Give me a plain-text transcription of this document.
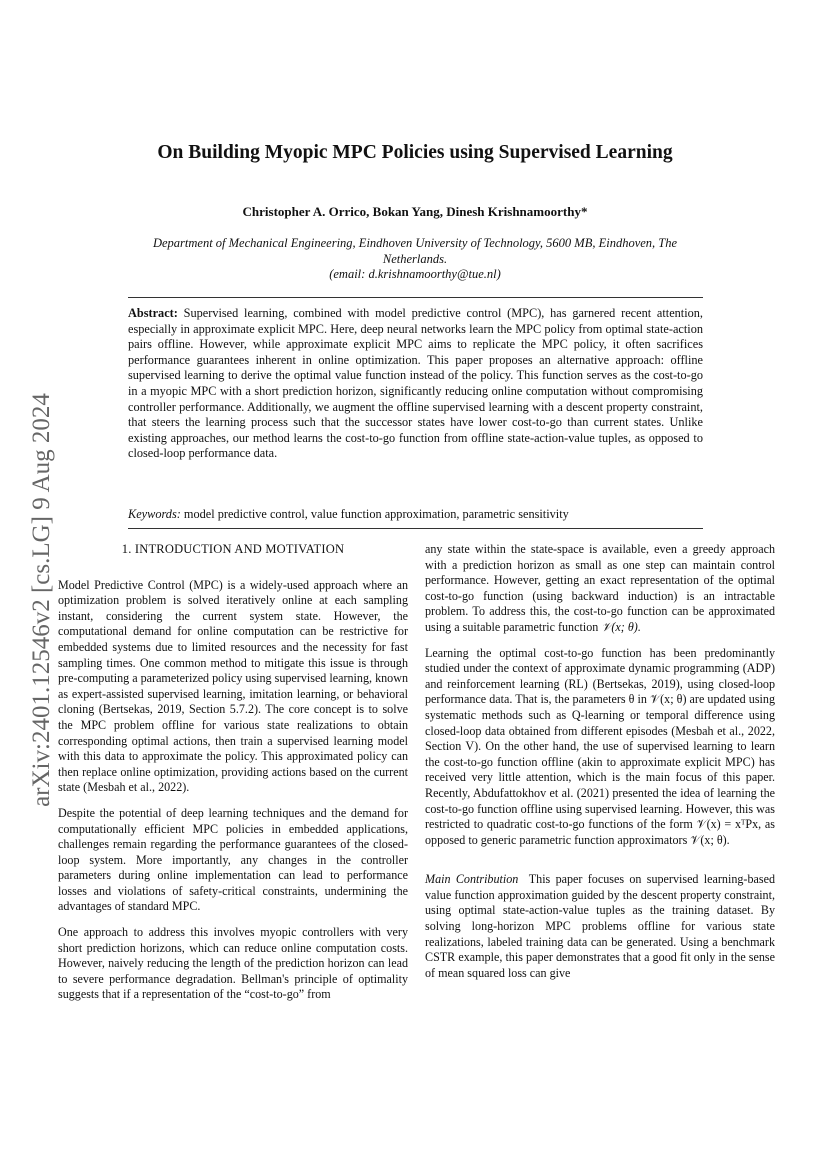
arXiv:2401.12546v2 [cs.LG] 9 Aug 2024
On Building Myopic MPC Policies using Supervised Learning
Christopher A. Orrico, Bokan Yang, Dinesh Krishnamoorthy*
Department of Mechanical Engineering, Eindhoven University of Technology, 5600 MB, Eindhoven, The Netherlands.
(email: d.krishnamoorthy@tue.nl)
Abstract: Supervised learning, combined with model predictive control (MPC), has garnered recent attention, especially in approximate explicit MPC. Here, deep neural networks learn the MPC policy from optimal state-action pairs offline. However, while approximate explicit MPC aims to replicate the MPC policy, it often sacrifices performance guarantees inherent in online optimization. This paper proposes an alternative approach: offline supervised learning to derive the optimal value function instead of the policy. This function serves as the cost-to-go in a myopic MPC with a short prediction horizon, significantly reducing online computation without compromising controller performance. Additionally, we augment the offline supervised learning with a descent property constraint, that steers the learning process such that the successor states have lower cost-to-go than current states. Unlike existing approaches, our method learns the cost-to-go function from offline state-action-value tuples, as opposed to closed-loop performance data.
Keywords: model predictive control, value function approximation, parametric sensitivity
1. INTRODUCTION AND MOTIVATION

Model Predictive Control (MPC) is a widely-used approach where an optimization problem is solved iteratively online at each sampling instant, considering the current system state. However, the computational demand for online computation can be restrictive for embedded systems due to limited resources and the necessity for fast sampling times. One common method to mitigate this issue is through pre-computing a parameterized policy using supervised learning, known as expert-assisted supervised learning, imitation learning, or behavioral cloning (Bertsekas, 2019, Section 5.7.2). The core concept is to solve the MPC problem offline for various state realizations to obtain corresponding optimal actions, then train a supervised learning model with this data to approximate the policy. This approximated policy can then replace online optimization, providing actions based on the current state (Mesbah et al., 2022).

Despite the potential of deep learning techniques and the demand for computationally efficient MPC policies in embedded applications, challenges remain regarding the performance guarantees of the closed-loop system. More importantly, any changes in the controller parameters during online implementation can lead to performance losses and violations of safety-critical constraints, undermining the advantages of standard MPC.

One approach to address this involves myopic controllers with very short prediction horizons, which can reduce online computation costs. However, naively reducing the length of the prediction horizon can lead to severe performance degradation. Bellman's principle of optimality suggests that if a representation of the “cost-to-go” from

any state within the state-space is available, even a greedy approach with a prediction horizon as small as one step can maintain control performance. However, getting an exact representation of the optimal cost-to-go function (using backward induction) is an intractable problem. To address this, the cost-to-go function can be approximated using a suitable parametric function 𝒱(x; θ).

Learning the optimal cost-to-go function has been predominantly studied under the context of approximate dynamic programming (ADP) and reinforcement learning (RL) (Bertsekas, 2019), using closed-loop performance data. That is, the parameters θ in 𝒱(x; θ) are updated using systematic methods such as Q-learning or temporal difference using closed-loop data obtained from different episodes (Mesbah et al., 2022, Section V). On the other hand, the use of supervised learning to learn the cost-to-go function offline (akin to approximate explicit MPC) has received very little attention, which is the main focus of this paper. Recently, Abdufattokhov et al. (2021) presented the idea of learning the cost-to-go function offline using supervised learning. However, this was restricted to quadratic cost-to-go functions of the form 𝒱(x) = xᵀPx, as opposed to generic parametric function approximators 𝒱(x; θ).

Main Contribution This paper focuses on supervised learning-based value function approximation guided by the descent property constraint, using optimal state-action-value tuples as the training dataset. By solving long-horizon MPC problems offline for various state realizations, labeled training data can be generated. Using a benchmark CSTR example, this paper demonstrates that a good fit only in the sense of mean squared loss can give
